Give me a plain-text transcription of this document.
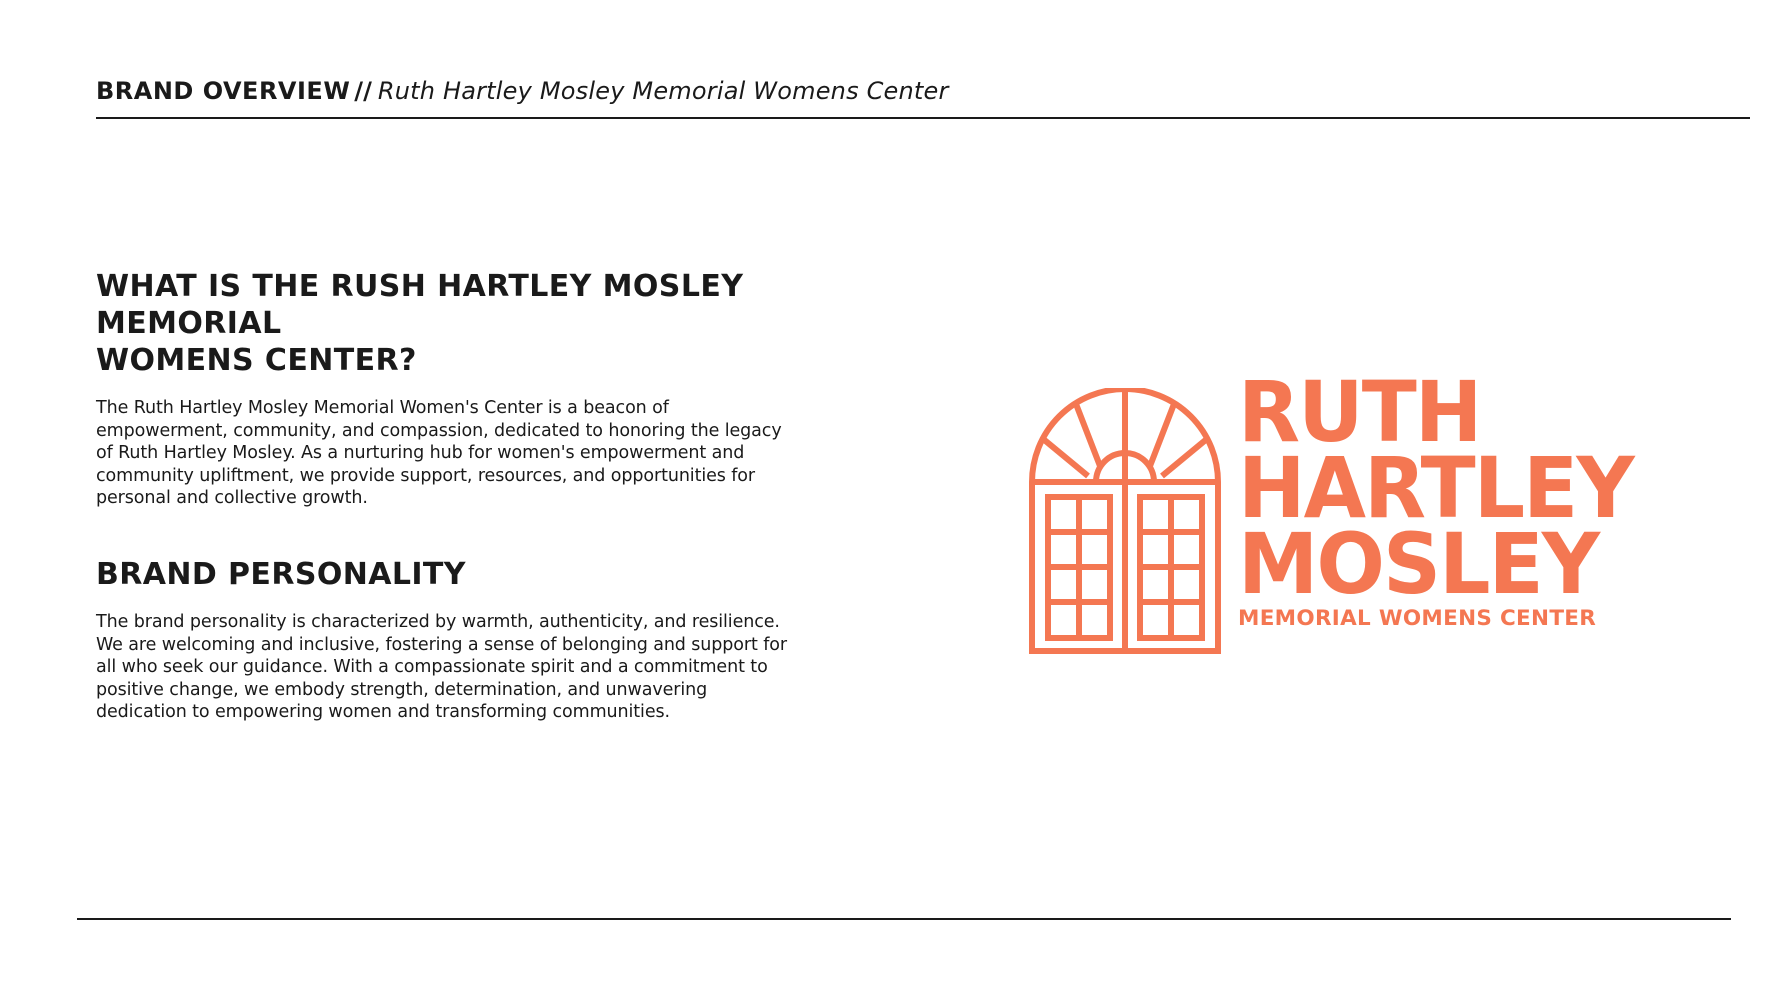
BRAND OVERVIEW // Ruth Hartley Mosley Memorial Womens Center
WHAT IS THE RUSH HARTLEY MOSLEY MEMORIAL
WOMENS CENTER?

The Ruth Hartley Mosley Memorial Women's Center is a beacon of empowerment, community, and compassion, dedicated to honoring the legacy of Ruth Hartley Mosley. As a nurturing hub for women's empowerment and community upliftment, we provide support, resources, and opportunities for personal and collective growth.

BRAND PERSONALITY

The brand personality is characterized by warmth, authenticity, and resilience. We are welcoming and inclusive, fostering a sense of belonging and support for all who seek our guidance. With a compassionate spirit and a commitment to positive change, we embody strength, determination, and unwavering dedication to empowering women and transforming communities.

RUTH
HARTLEY
MOSLEY
MEMORIAL WOMENS CENTER
